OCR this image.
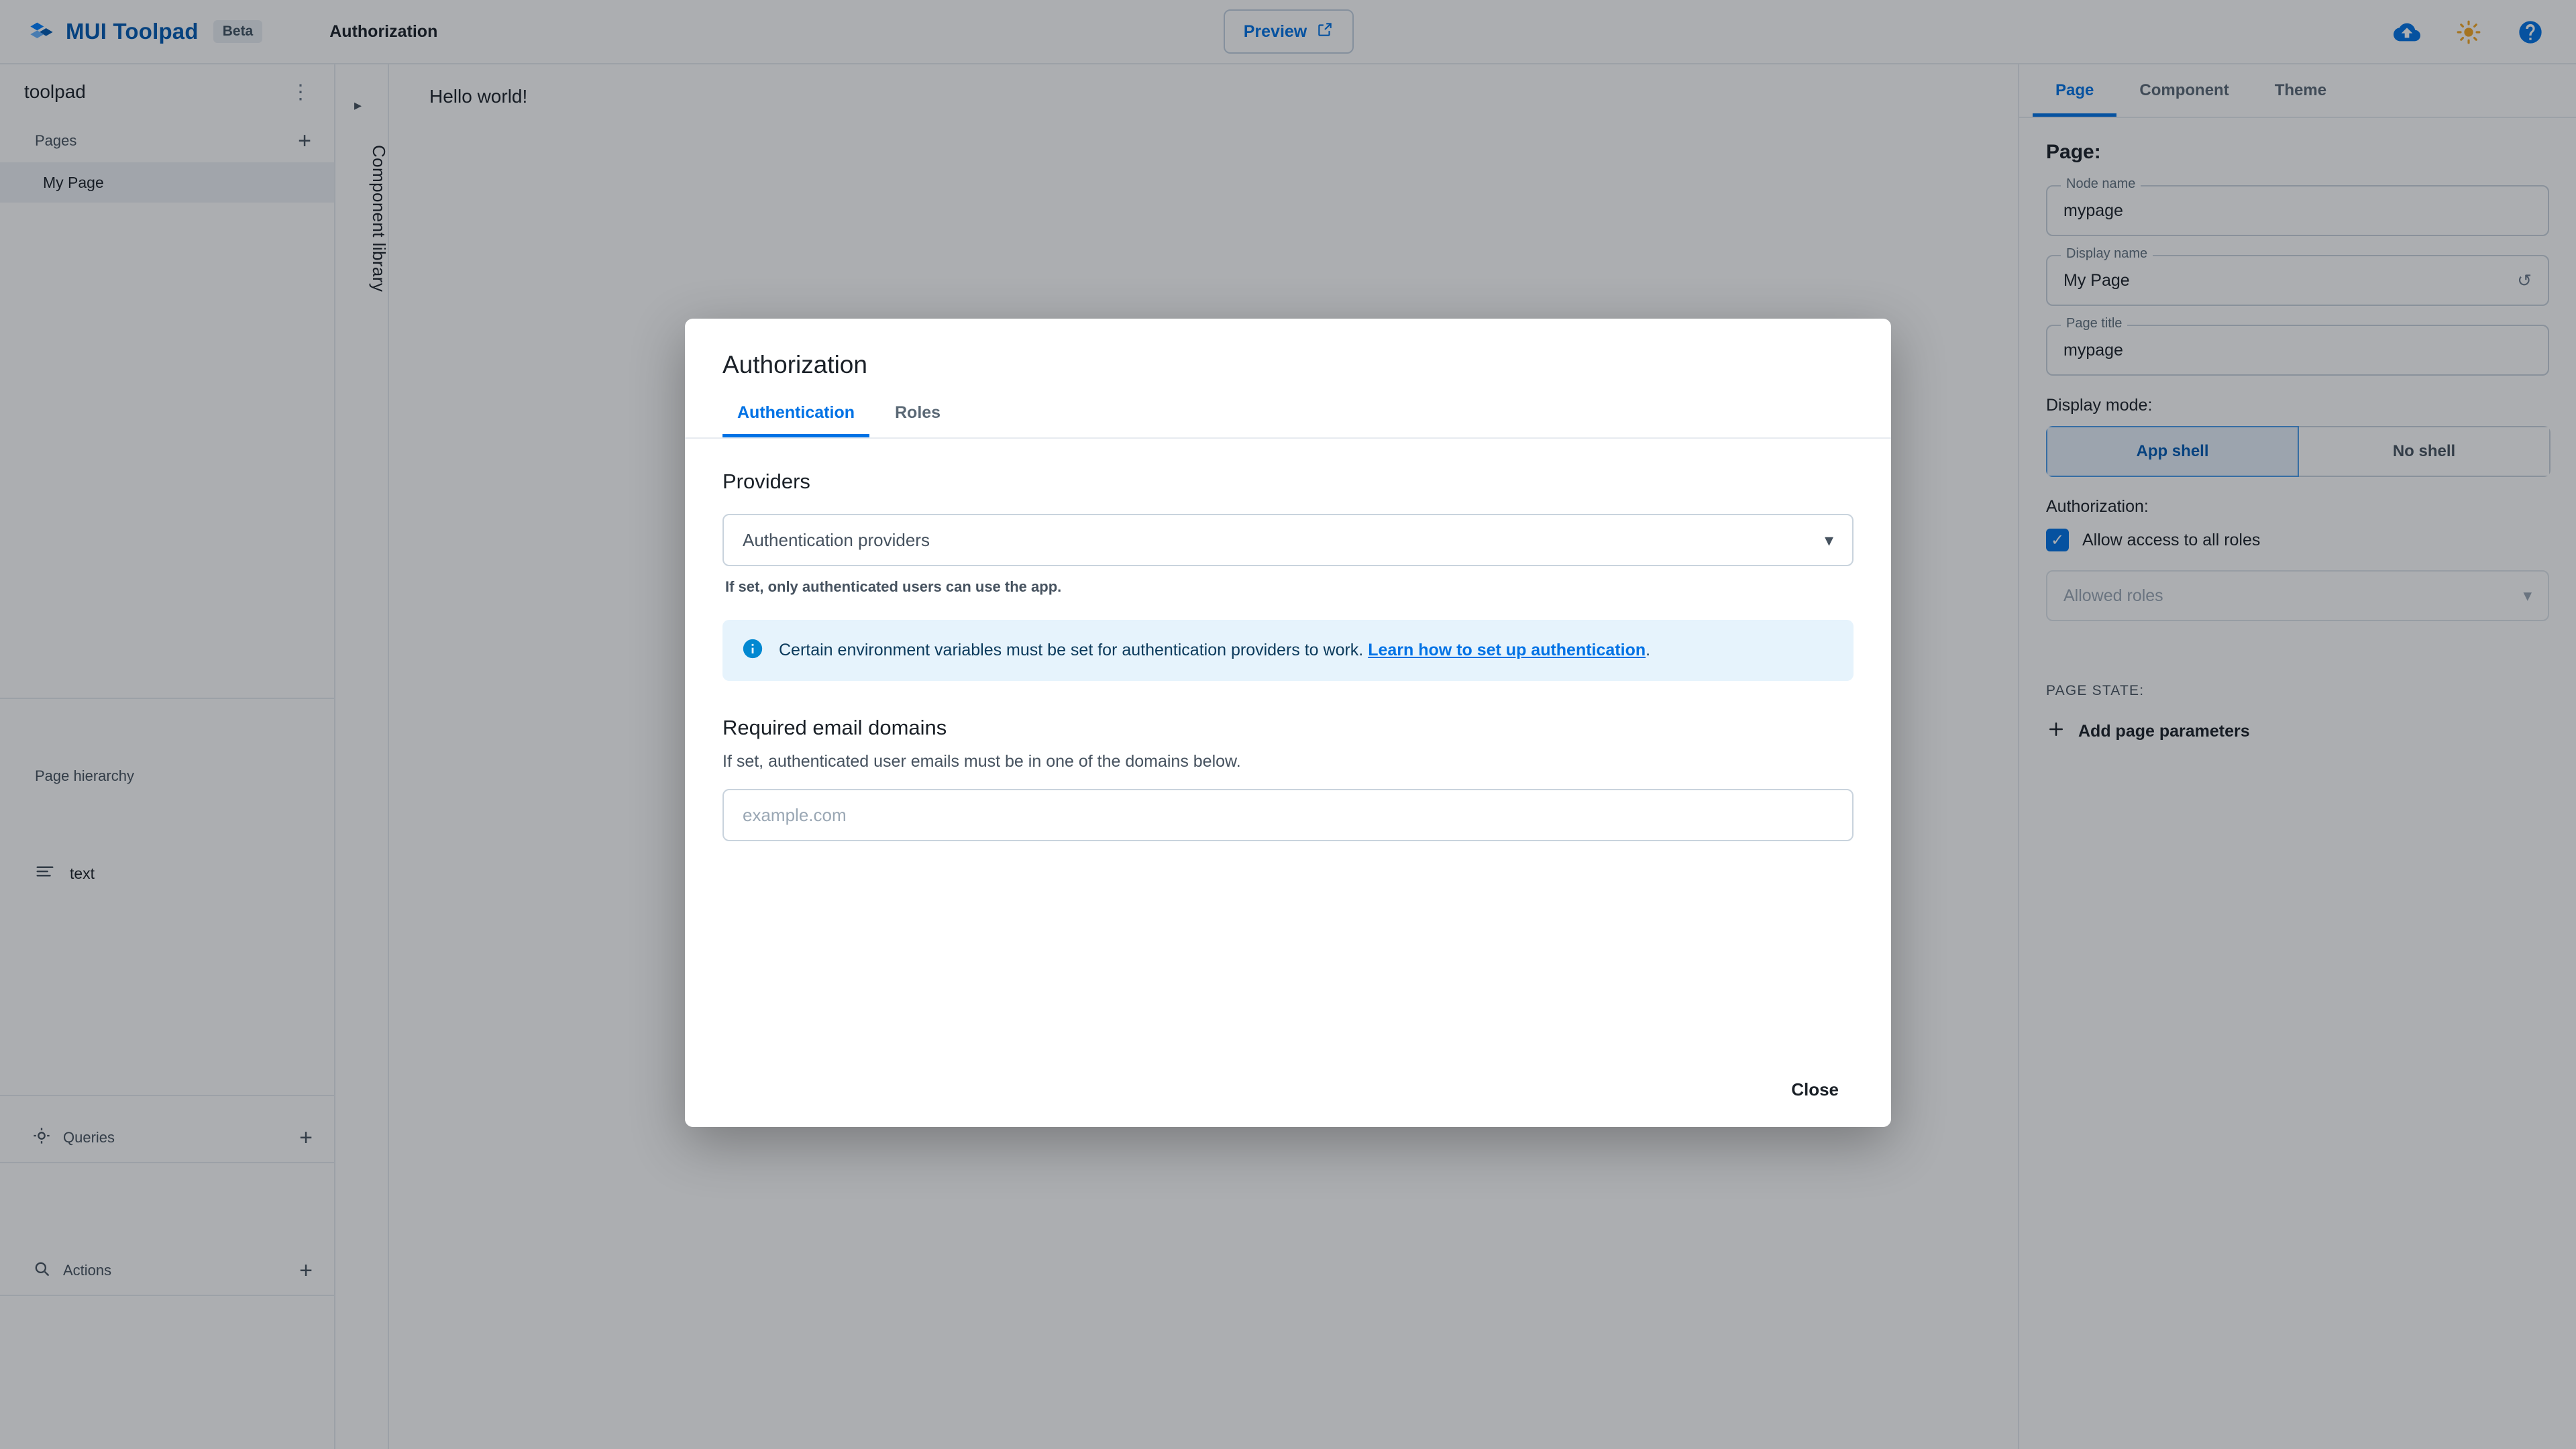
MUI Toolpad	Beta	Authorization	Preview
toolpad	⋮
Pages	+
My Page
Page hierarchy
text
Queries	+
Actions	+
▸
Component library
Hello world!	Page	Component	Theme
Page:
Node name
mypage
Display name
My Page	↺
Page title
mypage
Display mode:
App shell	No shell
Authorization:
✓ Allow access to all roles
Allowed roles	▾
PAGE STATE:
Add page parameters
Authorization
Authentication	Roles
Providers
Authentication providers	▾
If set, only authenticated users can use the app.
Certain environment variables must be set for authentication providers to work. Learn how to set up authentication.
Required email domains
If set, authenticated user emails must be in one of the domains below.
example.com
Close
